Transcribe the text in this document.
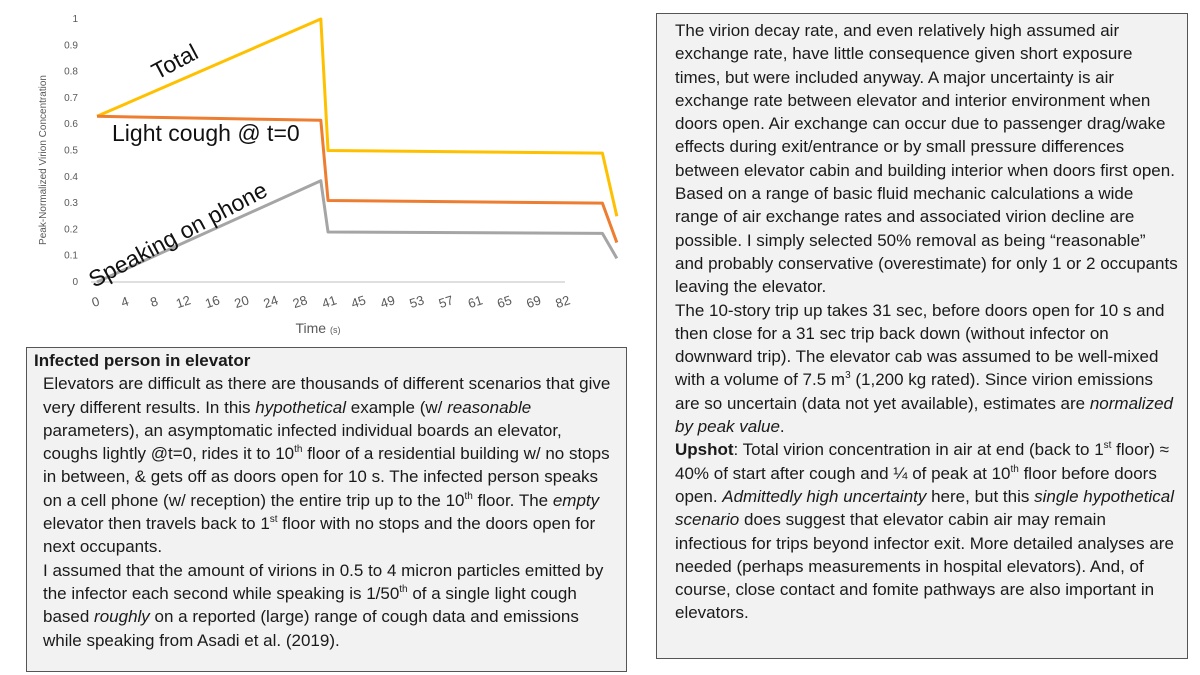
0
0.1
0.2
0.3
0.4
0.5
0.6
0.7
0.8
0.9
1
0 4 8 12 16 20 24 28 41 45 49 53 57 61 65 69 82
Time (s)
Peak-Normalized Virion Concentration
Total
Light cough @ t=0
Speaking on phone

Infected person in elevator

Elevators are difficult as there are thousands of different scenarios that give very different results. In this hypothetical example (w/ reasonable parameters), an asymptomatic infected individual boards an elevator, coughs lightly @t=0, rides it to 10th floor of a residential building w/ no stops in between, & gets off as doors open for 10 s. The infected person speaks on a cell phone (w/ reception) the entire trip up to the 10th floor. The empty elevator then travels back to 1st floor with no stops and the doors open for next occupants.

I assumed that the amount of virions in 0.5 to 4 micron particles emitted by the infector each second while speaking is 1/50th of a single light cough based roughly on a reported (large) range of cough data and emissions while speaking from Asadi et al. (2019).

The virion decay rate, and even relatively high assumed air exchange rate, have little consequence given short exposure times, but were included anyway. A major uncertainty is air exchange rate between elevator and interior environment when doors open. Air exchange can occur due to passenger drag/wake effects during exit/entrance or by small pressure differences between elevator cabin and building interior when doors first open. Based on a range of basic fluid mechanic calculations a wide range of air exchange rates and associated virion decline are possible. I simply selected 50% removal as being “reasonable” and probably conservative (overestimate) for only 1 or 2 occupants leaving the elevator.

The 10-story trip up takes 31 sec, before doors open for 10 s and then close for a 31 sec trip back down (without infector on downward trip). The elevator cab was assumed to be well-mixed with a volume of 7.5 $m^3$ (1,200 kg rated). Since virion emissions are so uncertain (data not yet available), estimates are normalized by peak value.

Upshot: Total virion concentration in air at end (back to 1st floor) ≈ 40% of start after cough and ¼ of peak at 10th floor before doors open. Admittedly high uncertainty here, but this single hypothetical scenario does suggest that elevator cabin air may remain infectious for trips beyond infector exit. More detailed analyses are needed (perhaps measurements in hospital elevators). And, of course, close contact and fomite pathways are also important in elevators.
